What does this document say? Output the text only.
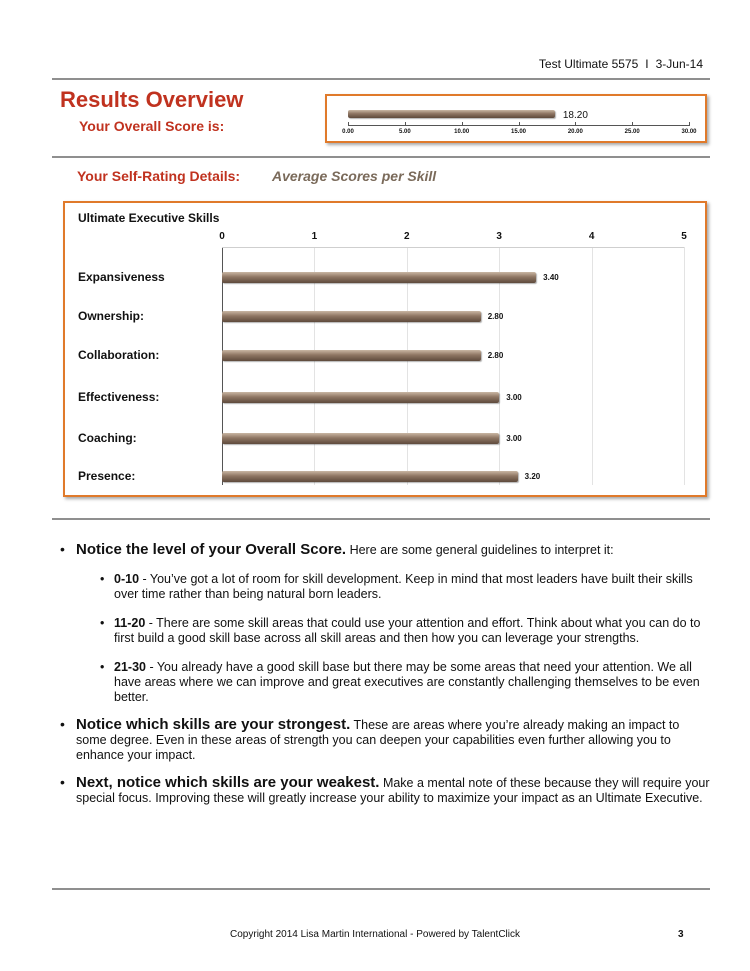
Test Ultimate 5575 I 3-Jun-14
Results Overview
Your Overall Score is:
18.20
0.00	5.00	10.00	15.00	20.00	25.00	30.00
Your Self-Rating Details: Average Scores per Skill
Ultimate Executive Skills
0	1	2	3	4	5
Expansiveness	3.40
Ownership:	2.80
Collaboration:	2.80
Effectiveness:	3.00
Coaching:	3.00
Presence:	3.20
• Notice the level of your Overall Score. Here are some general guidelines to interpret it:
• 0-10 - You’ve got a lot of room for skill development. Keep in mind that most leaders have built their skills over time rather than being natural born leaders.
• 11-20 - There are some skill areas that could use your attention and effort. Think about what you can do to first build a good skill base across all skill areas and then how you can leverage your strengths.
• 21-30 - You already have a good skill base but there may be some areas that need your attention. We all have areas where we can improve and great executives are constantly challenging themselves to be even better.
• Notice which skills are your strongest. These are areas where you’re already making an impact to some degree. Even in these areas of strength you can deepen your capabilities even further allowing you to enhance your impact.
• Next, notice which skills are your weakest. Make a mental note of these because they will require your special focus. Improving these will greatly increase your ability to maximize your impact as an Ultimate Executive.
Copyright 2014 Lisa Martin International - Powered by TalentClick	3
